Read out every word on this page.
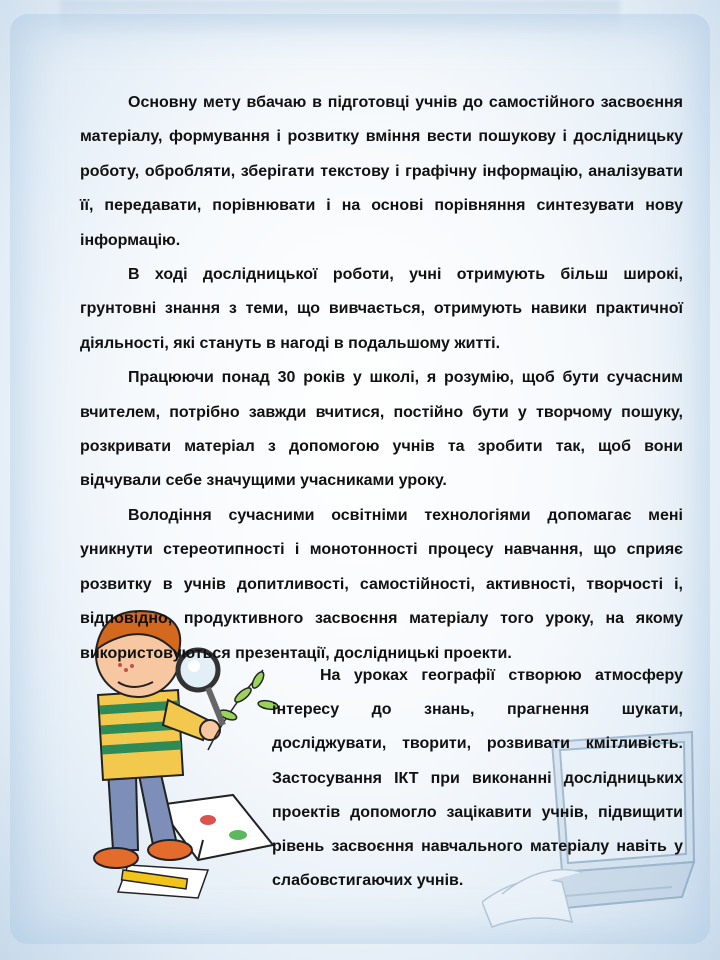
Основну мету вбачаю в підготовці учнів до самостійного засвоєння матеріалу, формування і розвитку вміння вести пошукову і дослідницьку роботу, обробляти, зберігати текстову і графічну інформацію, аналізувати її, передавати, порівнювати і на основі порівняння синтезувати нову інформацію.

В ході дослідницької роботи, учні отримують більш широкі, грунтовні знання з теми, що вивчається, отримують навики практичної діяльності, які стануть в нагоді в подальшому житті.

Працюючи понад 30 років у школі, я розумію, щоб бути сучасним вчителем, потрібно завжди вчитися, постійно бути у творчому пошуку, розкривати матеріал з допомогою учнів та зробити так, щоб вони відчували себе значущими учасниками уроку.

Володіння сучасними освітніми технологіями допомагає мені уникнути стереотипності і монотонності процесу навчання, що сприяє розвитку в учнів допитливості, самостійності, активності, творчості і, відповідно, продуктивного засвоєння матеріалу того уроку, на якому використовуються презентації, дослідницькі проекти.

На уроках географії створюю атмосферу інтересу до знань, прагнення шукати, досліджувати, творити, розвивати кмітливість. Застосування ІКТ при виконанні дослідницьких проектів допомогло зацікавити учнів, підвищити рівень засвоєння навчального матеріалу навіть у слабовстигаючих учнів.
